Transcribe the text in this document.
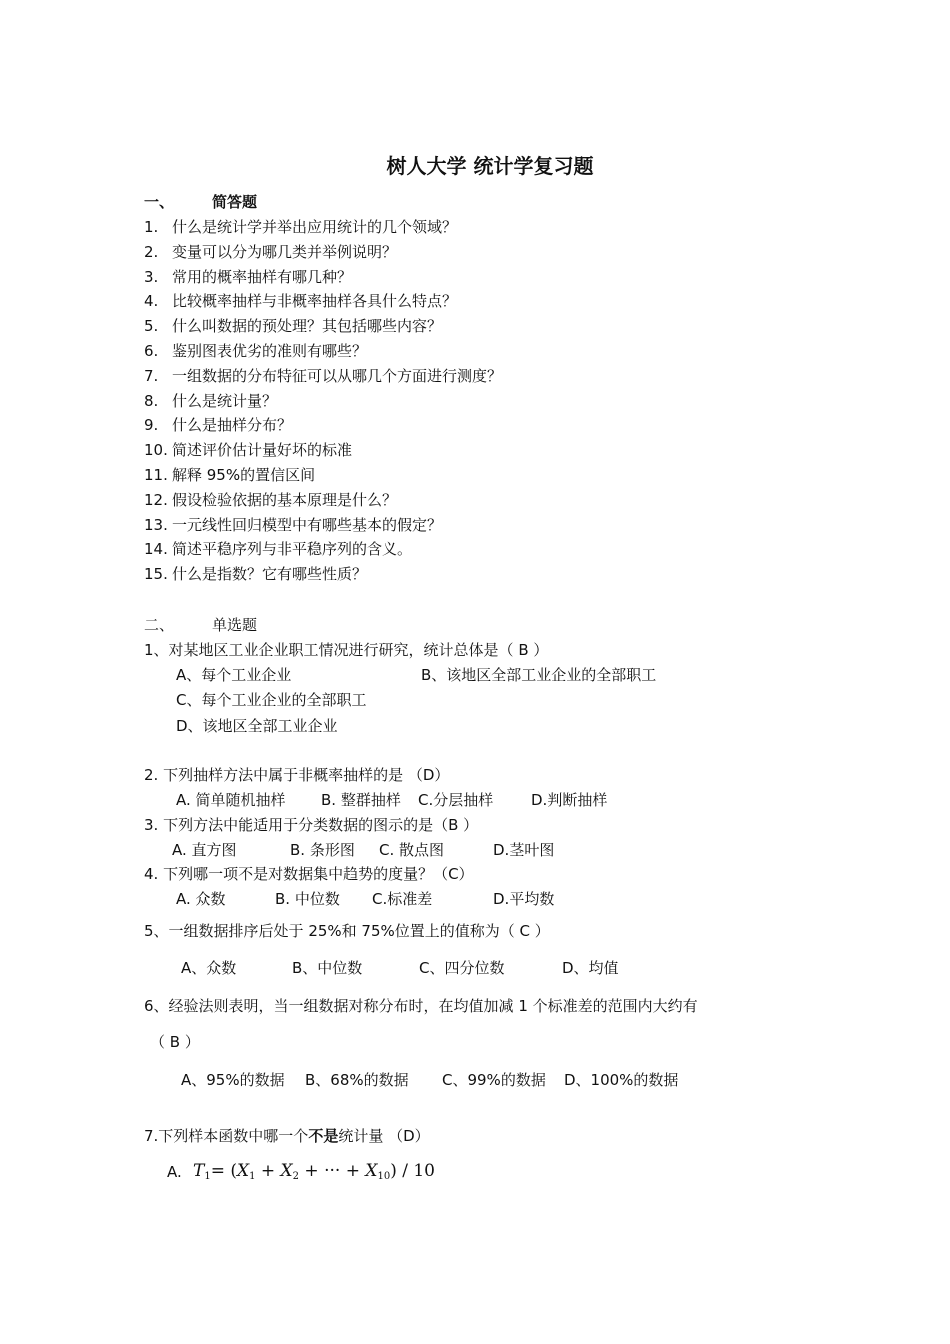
树人大学 统计学复习题
一、	简答题
1. 什么是统计学并举出应用统计的几个领域？
2. 变量可以分为哪几类并举例说明？
3. 常用的概率抽样有哪几种？
4. 比较概率抽样与非概率抽样各具什么特点？
5. 什么叫数据的预处理？其包括哪些内容？
6. 鉴别图表优劣的准则有哪些？
7. 一组数据的分布特征可以从哪几个方面进行测度？
8. 什么是统计量？
9. 什么是抽样分布？
10. 简述评价估计量好坏的标准
11. 解释 95%的置信区间
12. 假设检验依据的基本原理是什么？
13. 一元线性回归模型中有哪些基本的假定？
14. 简述平稳序列与非平稳序列的含义。
15. 什么是指数？它有哪些性质？
二、	单选题
1、对某地区工业企业职工情况进行研究，统计总体是（ B ）
A、每个工业企业	B、该地区全部工业企业的全部职工
C、每个工业企业的全部职工
D、该地区全部工业企业
2. 下列抽样方法中属于非概率抽样的是 （D）
A. 简单随机抽样 B. 整群抽样 C.分层抽样	D.判断抽样
3. 下列方法中能适用于分类数据的图示的是（B ）
A. 直方图	B. 条形图 C. 散点图	D.茎叶图
4. 下列哪一项不是对数据集中趋势的度量？（C）
A. 众数	B. 中位数 C.标准差	D.平均数
5、一组数据排序后处于 25%和 75%位置上的值称为（ C ）
A、众数	B、中位数	C、四分位数	D、均值
6、经验法则表明，当一组数据对称分布时，在均值加减 1 个标准差的范围内大约有
（ B ）
A、95%的数据 B、68%的数据 C、99%的数据 D、100%的数据
7.下列样本函数中哪一个不是统计量 （D）
A. $T_1= (X_1 + X_2$ + ··· + $X_{10}) / 10$
